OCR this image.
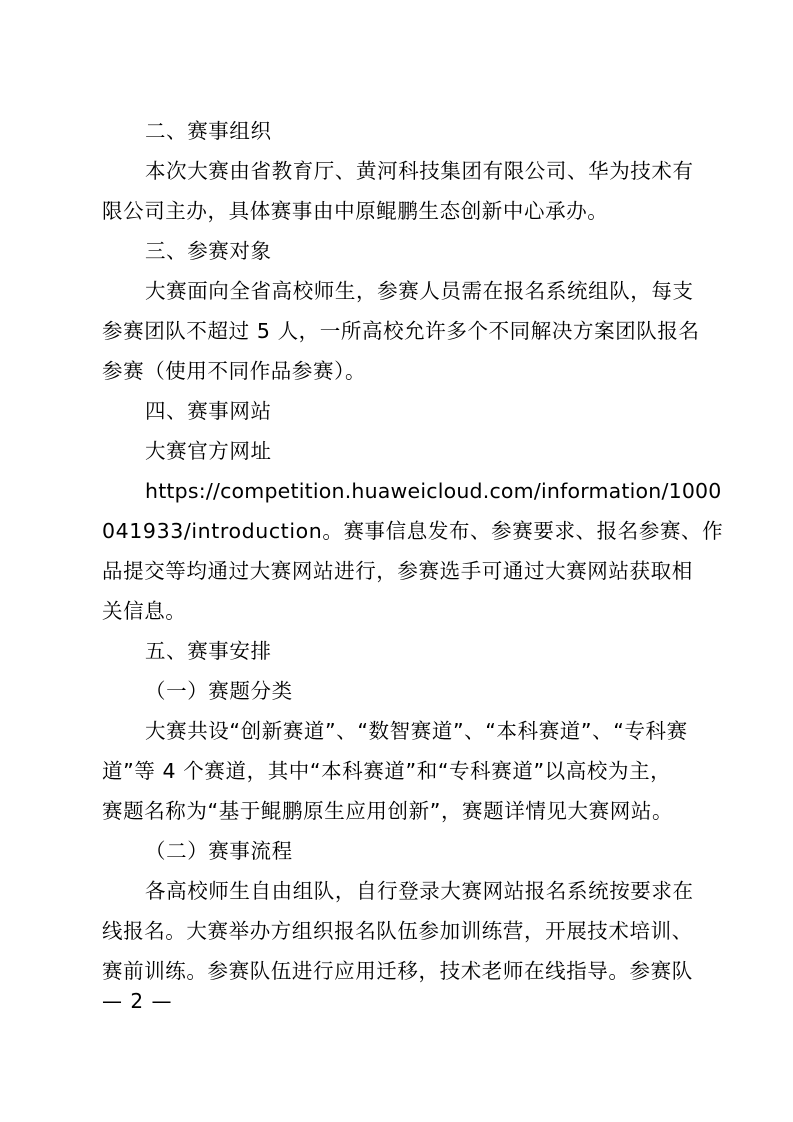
二、赛事组织
本次大赛由省教育厅、黄河科技集团有限公司、华为技术有
限公司主办，具体赛事由中原鲲鹏生态创新中心承办。
三、参赛对象
大赛面向全省高校师生，参赛人员需在报名系统组队，每支
参赛团队不超过 5 人，一所高校允许多个不同解决方案团队报名
参赛（使用不同作品参赛）。
四、赛事网站
大赛官方网址
https://competition.huaweicloud.com/information/1000
041933/introduction。赛事信息发布、参赛要求、报名参赛、作
品提交等均通过大赛网站进行，参赛选手可通过大赛网站获取相
关信息。
五、赛事安排
（一）赛题分类
大赛共设“创新赛道”、“数智赛道”、“本科赛道”、“专科赛
道”等 4 个赛道，其中“本科赛道”和“专科赛道”以高校为主，
赛题名称为“基于鲲鹏原生应用创新”，赛题详情见大赛网站。
（二）赛事流程
各高校师生自由组队，自行登录大赛网站报名系统按要求在
线报名。大赛举办方组织报名队伍参加训练营，开展技术培训、
赛前训练。参赛队伍进行应用迁移，技术老师在线指导。参赛队
— 2 —
